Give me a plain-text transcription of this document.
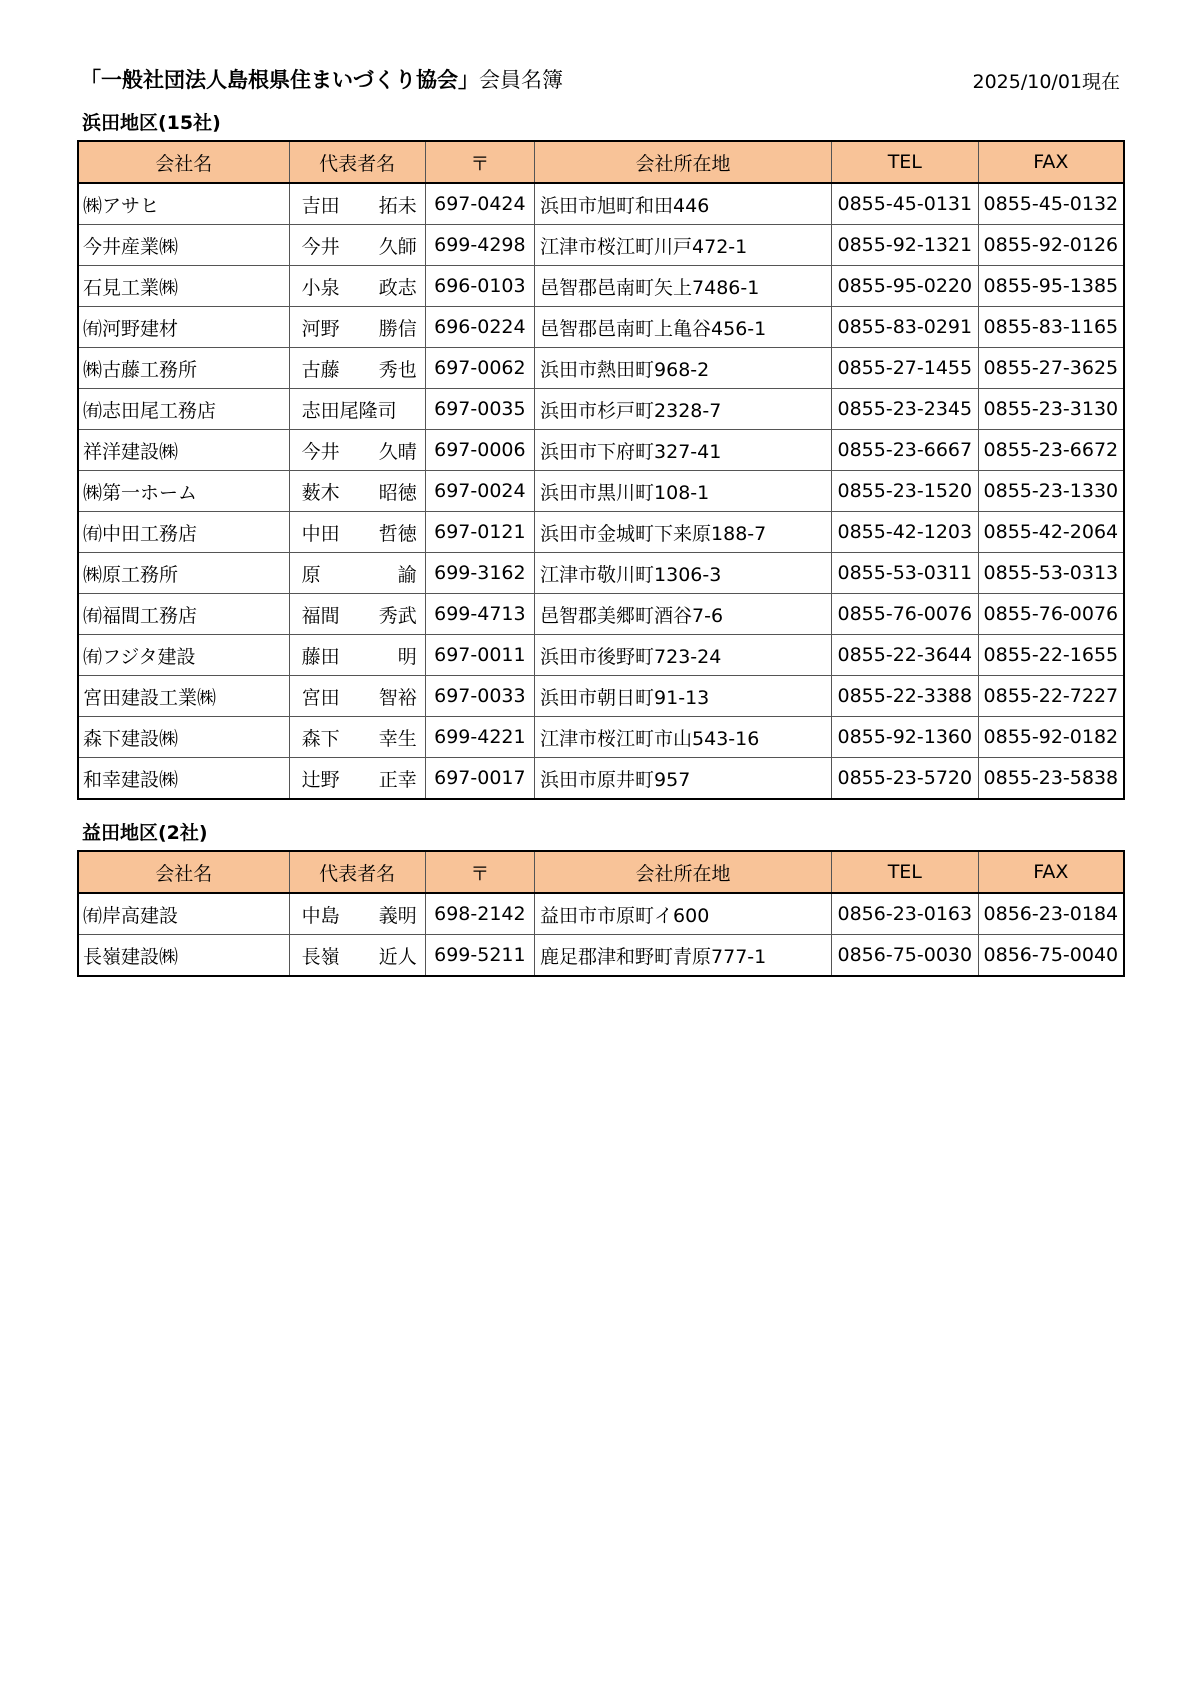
「一般社団法人島根県住まいづくり協会」会員名簿	2025/10/01現在
浜田地区(15社)
会社名	代表者名	〒	会社所在地	TEL	FAX
㈱アサヒ	吉田 拓未	697-0424	浜田市旭町和田446	0855-45-0131	0855-45-0132
今井産業㈱	今井 久師	699-4298	江津市桜江町川戸472-1	0855-92-1321	0855-92-0126
石見工業㈱	小泉 政志	696-0103	邑智郡邑南町矢上7486-1	0855-95-0220	0855-95-1385
㈲河野建材	河野 勝信	696-0224	邑智郡邑南町上亀谷456-1	0855-83-0291	0855-83-1165
㈱古藤工務所	古藤 秀也	697-0062	浜田市熱田町968-2	0855-27-1455	0855-27-3625
㈲志田尾工務店	志田尾隆司	697-0035	浜田市杉戸町2328-7	0855-23-2345	0855-23-3130
祥洋建設㈱	今井 久晴	697-0006	浜田市下府町327-41	0855-23-6667	0855-23-6672
㈱第一ホーム	薮木 昭徳	697-0024	浜田市黒川町108-1	0855-23-1520	0855-23-1330
㈲中田工務店	中田 哲徳	697-0121	浜田市金城町下来原188-7	0855-42-1203	0855-42-2064
㈱原工務所	原 諭	699-3162	江津市敬川町1306-3	0855-53-0311	0855-53-0313
㈲福間工務店	福間 秀武	699-4713	邑智郡美郷町酒谷7-6	0855-76-0076	0855-76-0076
㈲フジタ建設	藤田 明	697-0011	浜田市後野町723-24	0855-22-3644	0855-22-1655
宮田建設工業㈱	宮田 智裕	697-0033	浜田市朝日町91-13	0855-22-3388	0855-22-7227
森下建設㈱	森下 幸生	699-4221	江津市桜江町市山543-16	0855-92-1360	0855-92-0182
和幸建設㈱	辻野 正幸	697-0017	浜田市原井町957	0855-23-5720	0855-23-5838
益田地区(2社)
会社名	代表者名	〒	会社所在地	TEL	FAX
㈲岸高建設	中島 義明	698-2142	益田市市原町イ600	0856-23-0163	0856-23-0184
長嶺建設㈱	長嶺 近人	699-5211	鹿足郡津和野町青原777-1	0856-75-0030	0856-75-0040
